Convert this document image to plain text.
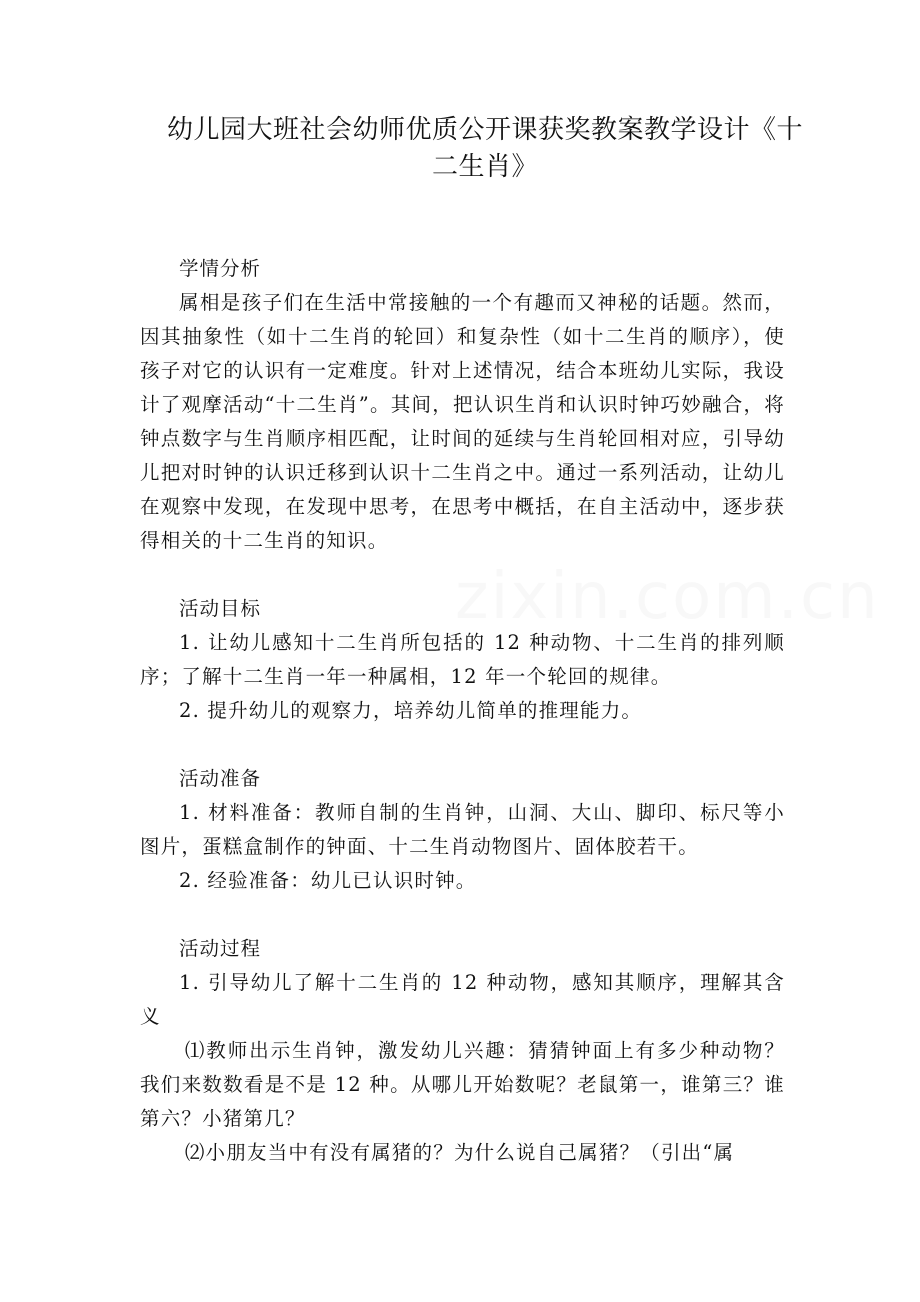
zixin.com.cn
幼儿园大班社会幼师优质公开课获奖教案教学设计《十
二生肖》

学情分析

属相是孩子们在生活中常接触的一个有趣而又神秘的话题。然而，因其抽象性（如十二生肖的轮回）和复杂性（如十二生肖的顺序），使孩子对它的认识有一定难度。针对上述情况，结合本班幼儿实际，我设计了观摩活动“十二生肖”。其间，把认识生肖和认识时钟巧妙融合，将钟点数字与生肖顺序相匹配，让时间的延续与生肖轮回相对应，引导幼儿把对时钟的认识迁移到认识十二生肖之中。通过一系列活动，让幼儿在观察中发现，在发现中思考，在思考中概括，在自主活动中，逐步获得相关的十二生肖的知识。

活动目标

1. 让幼儿感知十二生肖所包括的 12 种动物、十二生肖的排列顺序；了解十二生肖一年一种属相，12 年一个轮回的规律。

2. 提升幼儿的观察力，培养幼儿简单的推理能力。

活动准备

1. 材料准备：教师自制的生肖钟，山洞、大山、脚印、标尺等小图片，蛋糕盒制作的钟面、十二生肖动物图片、固体胶若干。

2. 经验准备：幼儿已认识时钟。

活动过程

1. 引导幼儿了解十二生肖的 12 种动物，感知其顺序，理解其含义

⑴教师出示生肖钟，激发幼儿兴趣：猜猜钟面上有多少种动物？我们来数数看是不是 12 种。从哪儿开始数呢？老鼠第一，谁第三？谁第六？小猪第几？

⑵小朋友当中有没有属猪的？为什么说自己属猪？（引出“属
